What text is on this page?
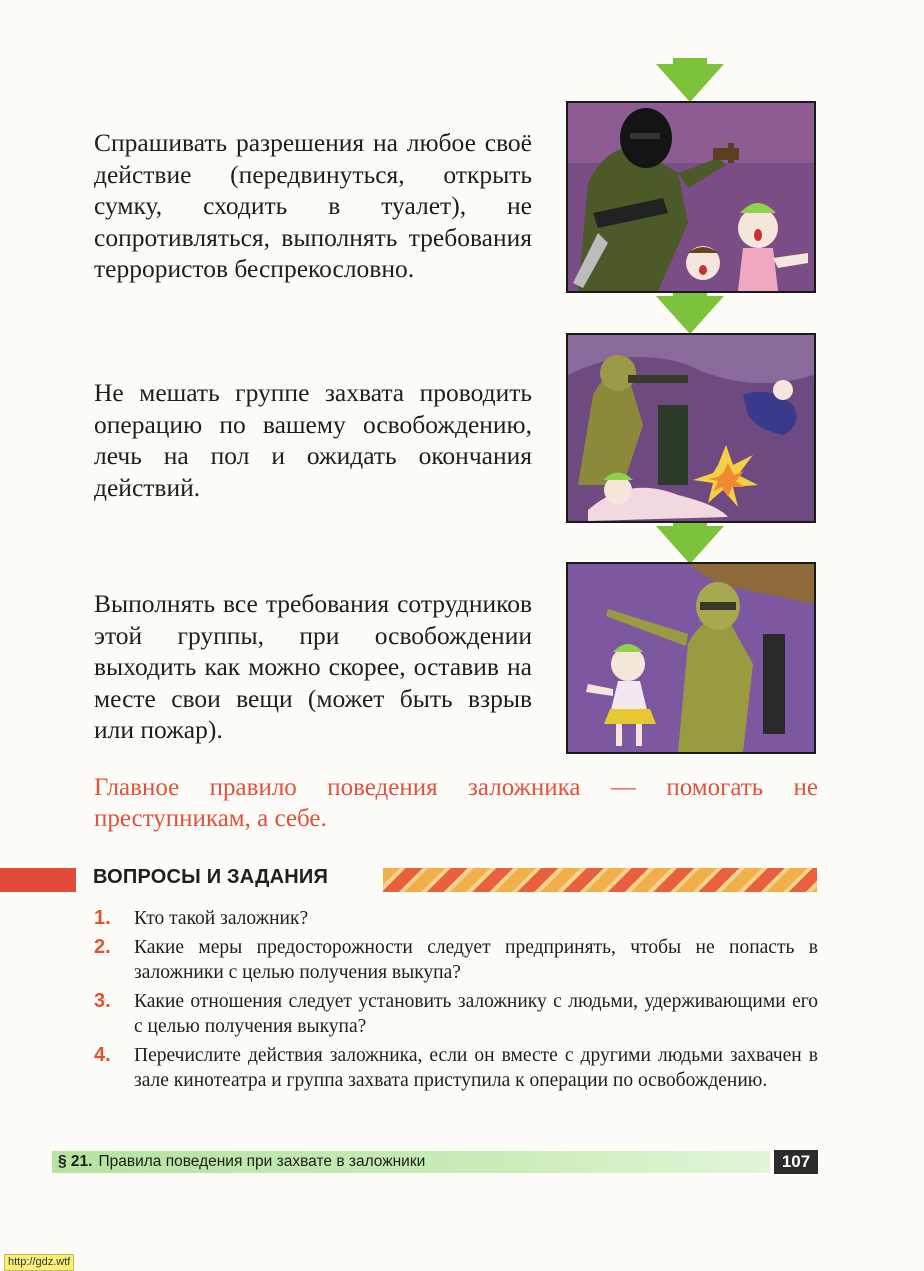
Спрашивать разрешения на любое своё действие (передвинуться, открыть сумку, сходить в туалет), не сопротивляться, выполнять требования террористов беспрекословно.
Не мешать группе захвата проводить операцию по вашему освобождению, лечь на пол и ожидать окончания действий.
Выполнять все требования сотрудников этой группы, при освобождении выходить как можно скорее, оставив на месте свои вещи (может быть взрыв или пожар).
Главное правило поведения заложника — помогать не преступникам, а себе.
ВОПРОСЫ И ЗАДАНИЯ
1. Кто такой заложник?
2. Какие меры предосторожности следует предпринять, чтобы не попасть в заложники с целью получения выкупа?
3. Какие отношения следует установить заложнику с людьми, удерживающими его с целью получения выкупа?
4. Перечислите действия заложника, если он вместе с другими людьми захвачен в зале кинотеатра и группа захвата приступила к операции по освобождению.
§ 21. Правила поведения при захвате в заложники	107
http://gdz.wtf
